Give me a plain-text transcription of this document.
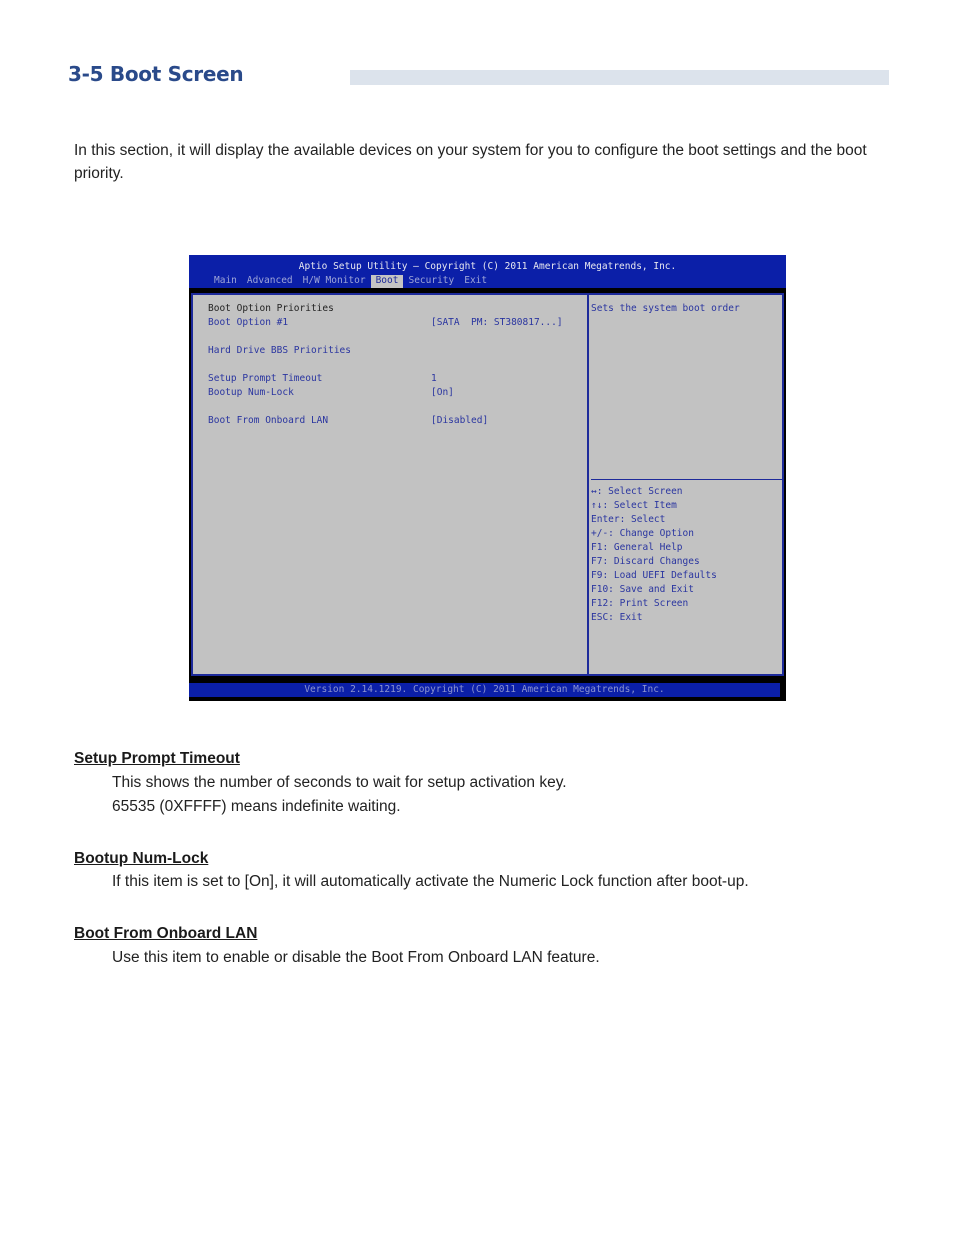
3-5 Boot Screen

In this section, it will display the available devices on your system for you to configure the boot settings and the boot priority.

Aptio Setup Utility – Copyright (C) 2011 American Megatrends, Inc.
Main	Advanced	H/W Monitor	Boot	Security	Exit
Boot Option Priorities
Boot Option #1	[SATA  PM: ST380817...]
Hard Drive BBS Priorities
Setup Prompt Timeout	1
Bootup Num-Lock	[On]
Boot From Onboard LAN	[Disabled]
Sets the system boot order
↔: Select Screen
↑↓: Select Item
Enter: Select
+/-: Change Option
F1: General Help
F7: Discard Changes
F9: Load UEFI Defaults
F10: Save and Exit
F12: Print Screen
ESC: Exit
Version 2.14.1219. Copyright (C) 2011 American Megatrends, Inc.

Setup Prompt Timeout

This shows the number of seconds to wait for setup activation key.

65535 (0XFFFF) means indefinite waiting.

Bootup Num-Lock

If this item is set to [On], it will automatically activate the Numeric Lock function after boot-up.

Boot From Onboard LAN

Use this item to enable or disable the Boot From Onboard LAN feature.
